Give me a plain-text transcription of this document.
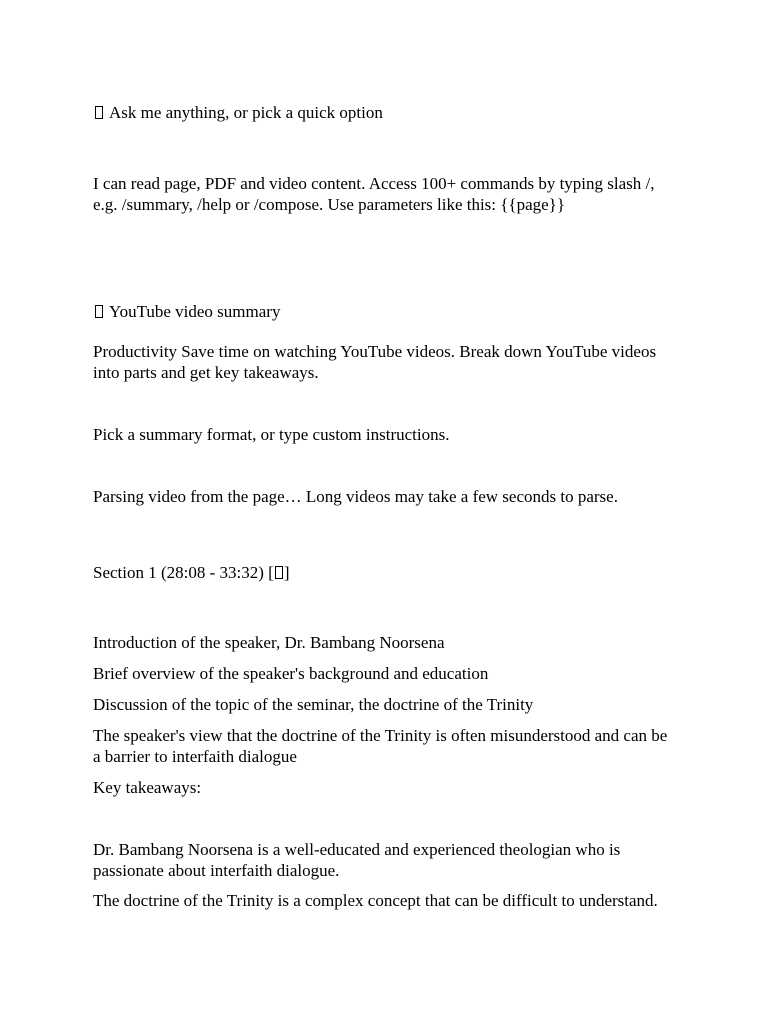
Ask me anything, or pick a quick option

I can read page, PDF and video content. Access 100+ commands by typing slash /, e.g. /summary, /help or /compose. Use parameters like this: {{page}}

YouTube video summary

Productivity Save time on watching YouTube videos. Break down YouTube videos into parts and get key takeaways.

Pick a summary format, or type custom instructions.

Parsing video from the page… Long videos may take a few seconds to parse.

Section 1 (28:08 - 33:32) [ ]

Introduction of the speaker, Dr. Bambang Noorsena

Brief overview of the speaker's background and education

Discussion of the topic of the seminar, the doctrine of the Trinity

The speaker's view that the doctrine of the Trinity is often misunderstood and can be a barrier to interfaith dialogue

Key takeaways:

Dr. Bambang Noorsena is a well-educated and experienced theologian who is passionate about interfaith dialogue.

The doctrine of the Trinity is a complex concept that can be difficult to understand.
